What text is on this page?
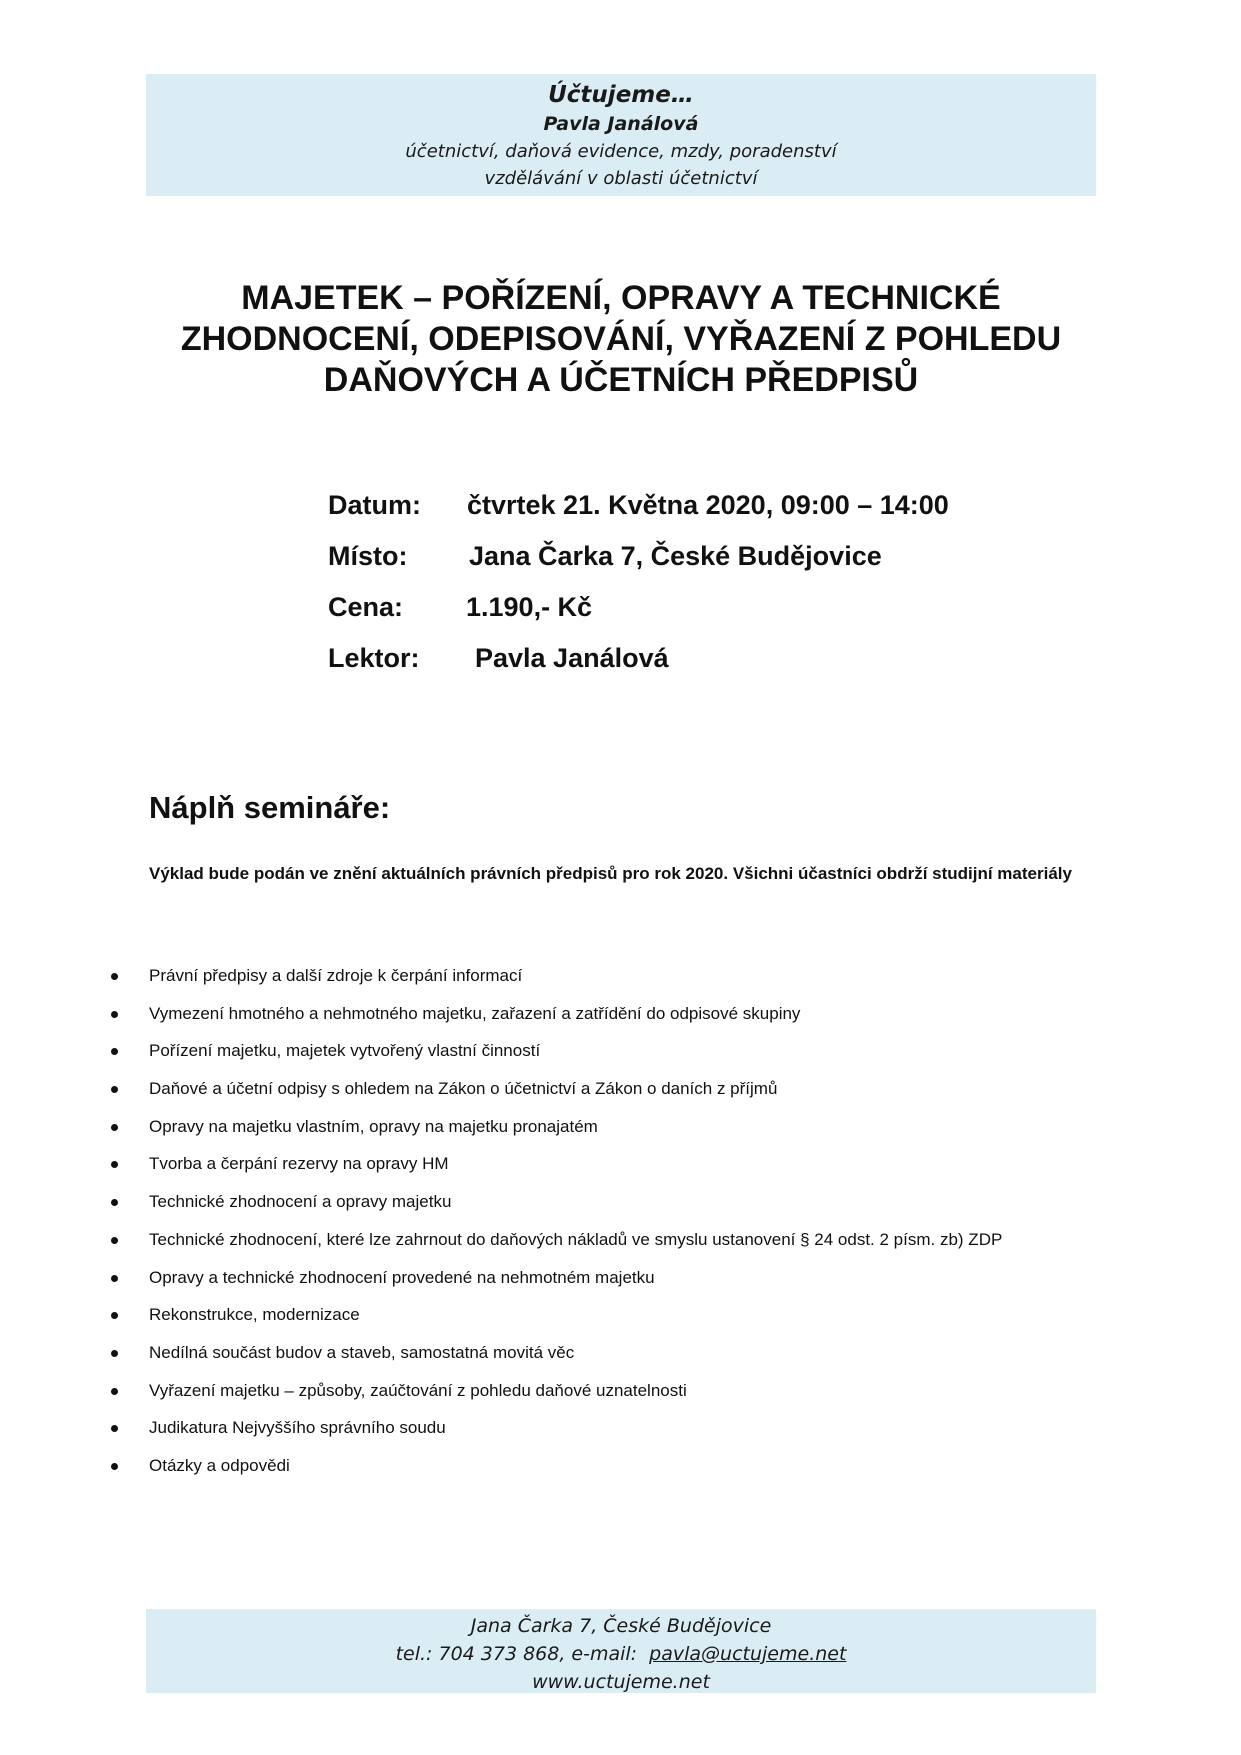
Účtujeme…
Pavla Janálová
účetnictví, daňová evidence, mzdy, poradenství
vzdělávání v oblasti účetnictví
MAJETEK – POŘÍZENÍ, OPRAVY A TECHNICKÉ
ZHODNOCENÍ, ODEPISOVÁNÍ, VYŘAZENÍ Z POHLEDU
DAŇOVÝCH A ÚČETNÍCH PŘEDPISŮ
Datum: čtvrtek 21. Května 2020, 09:00 – 14:00
Místo: Jana Čarka 7, České Budějovice
Cena: 1.190,- Kč
Lektor: Pavla Janálová
Náplň semináře:

Výklad bude podán ve znění aktuálních právních předpisů pro rok 2020. Všichni účastníci obdrží studijní materiály

Právní předpisy a další zdroje k čerpání informací
Vymezení hmotného a nehmotného majetku, zařazení a zatřídění do odpisové skupiny
Pořízení majetku, majetek vytvořený vlastní činností
Daňové a účetní odpisy s ohledem na Zákon o účetnictví a Zákon o daních z příjmů
Opravy na majetku vlastním, opravy na majetku pronajatém
Tvorba a čerpání rezervy na opravy HM
Technické zhodnocení a opravy majetku
Technické zhodnocení, které lze zahrnout do daňových nákladů ve smyslu ustanovení § 24 odst. 2 písm. zb) ZDP
Opravy a technické zhodnocení provedené na nehmotném majetku
Rekonstrukce, modernizace
Nedílná součást budov a staveb, samostatná movitá věc
Vyřazení majetku – způsoby, zaúčtování z pohledu daňové uznatelnosti
Judikatura Nejvyššího správního soudu
Otázky a odpovědi
Jana Čarka 7, České Budějovice
tel.: 704 373 868, e-mail:  pavla@uctujeme.net
www.uctujeme.net
